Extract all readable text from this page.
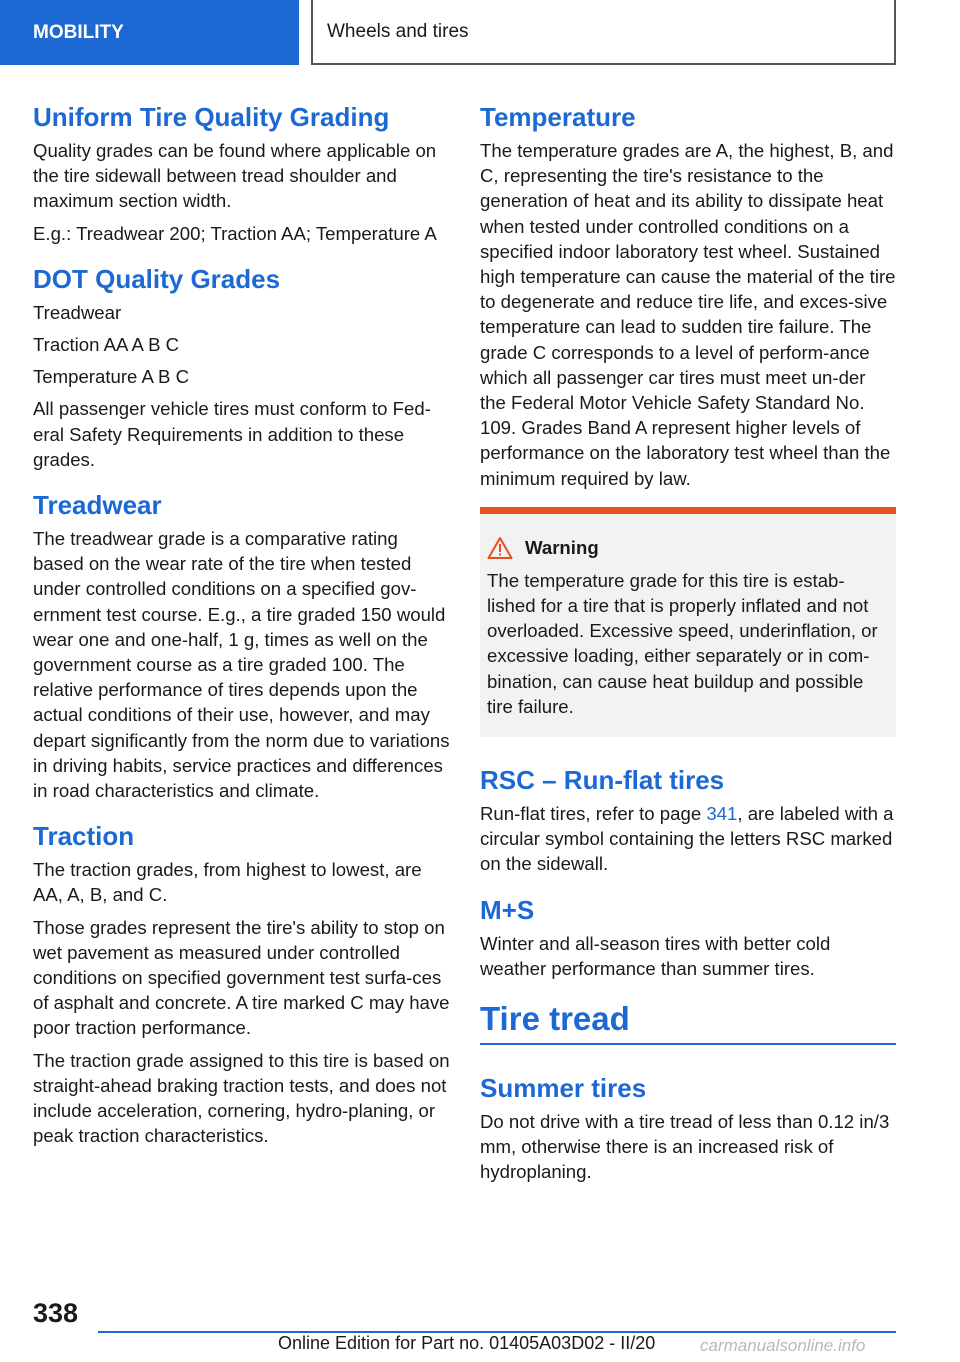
MOBILITY	Wheels and tires
Uniform Tire Quality Grading

Quality grades can be found where applicable on the tire sidewall between tread shoulder and maximum section width.

E.g.: Treadwear 200; Traction AA; Temperature A

DOT Quality Grades

Treadwear

Traction AA A B C

Temperature A B C

All passenger vehicle tires must conform to Fed-eral Safety Requirements in addition to these grades.

Treadwear

The treadwear grade is a comparative rating based on the wear rate of the tire when tested under controlled conditions on a specified gov-ernment test course. E.g., a tire graded 150 would wear one and one-half, 1 g, times as well on the government course as a tire graded 100. The relative performance of tires depends upon the actual conditions of their use, however, and may depart significantly from the norm due to variations in driving habits, service practices and differences in road characteristics and climate.

Traction

The traction grades, from highest to lowest, are AA, A, B, and C.

Those grades represent the tire's ability to stop on wet pavement as measured under controlled conditions on specified government test surfa-ces of asphalt and concrete. A tire marked C may have poor traction performance.

The traction grade assigned to this tire is based on straight-ahead braking traction tests, and does not include acceleration, cornering, hydro-planing, or peak traction characteristics.

Temperature

The temperature grades are A, the highest, B, and C, representing the tire's resistance to the generation of heat and its ability to dissipate heat when tested under controlled conditions on a specified indoor laboratory test wheel. Sustained high temperature can cause the material of the tire to degenerate and reduce tire life, and exces-sive temperature can lead to sudden tire failure. The grade C corresponds to a level of perform-ance which all passenger car tires must meet un-der the Federal Motor Vehicle Safety Standard No. 109. Grades Band A represent higher levels of performance on the laboratory test wheel than the minimum required by law.

Warning

The temperature grade for this tire is estab-lished for a tire that is properly inflated and not overloaded. Excessive speed, underinflation, or excessive loading, either separately or in com-bination, can cause heat buildup and possible tire failure.

RSC – Run-flat tires

Run-flat tires, refer to page 341, are labeled with a circular symbol containing the letters RSC marked on the sidewall.

M+S

Winter and all-season tires with better cold weather performance than summer tires.

Tire tread
Summer tires

Do not drive with a tire tread of less than 0.12 in/3 mm, otherwise there is an increased risk of hydroplaning.

338
Online Edition for Part no. 01405A03D02 - II/20	carmanualsonline.info
